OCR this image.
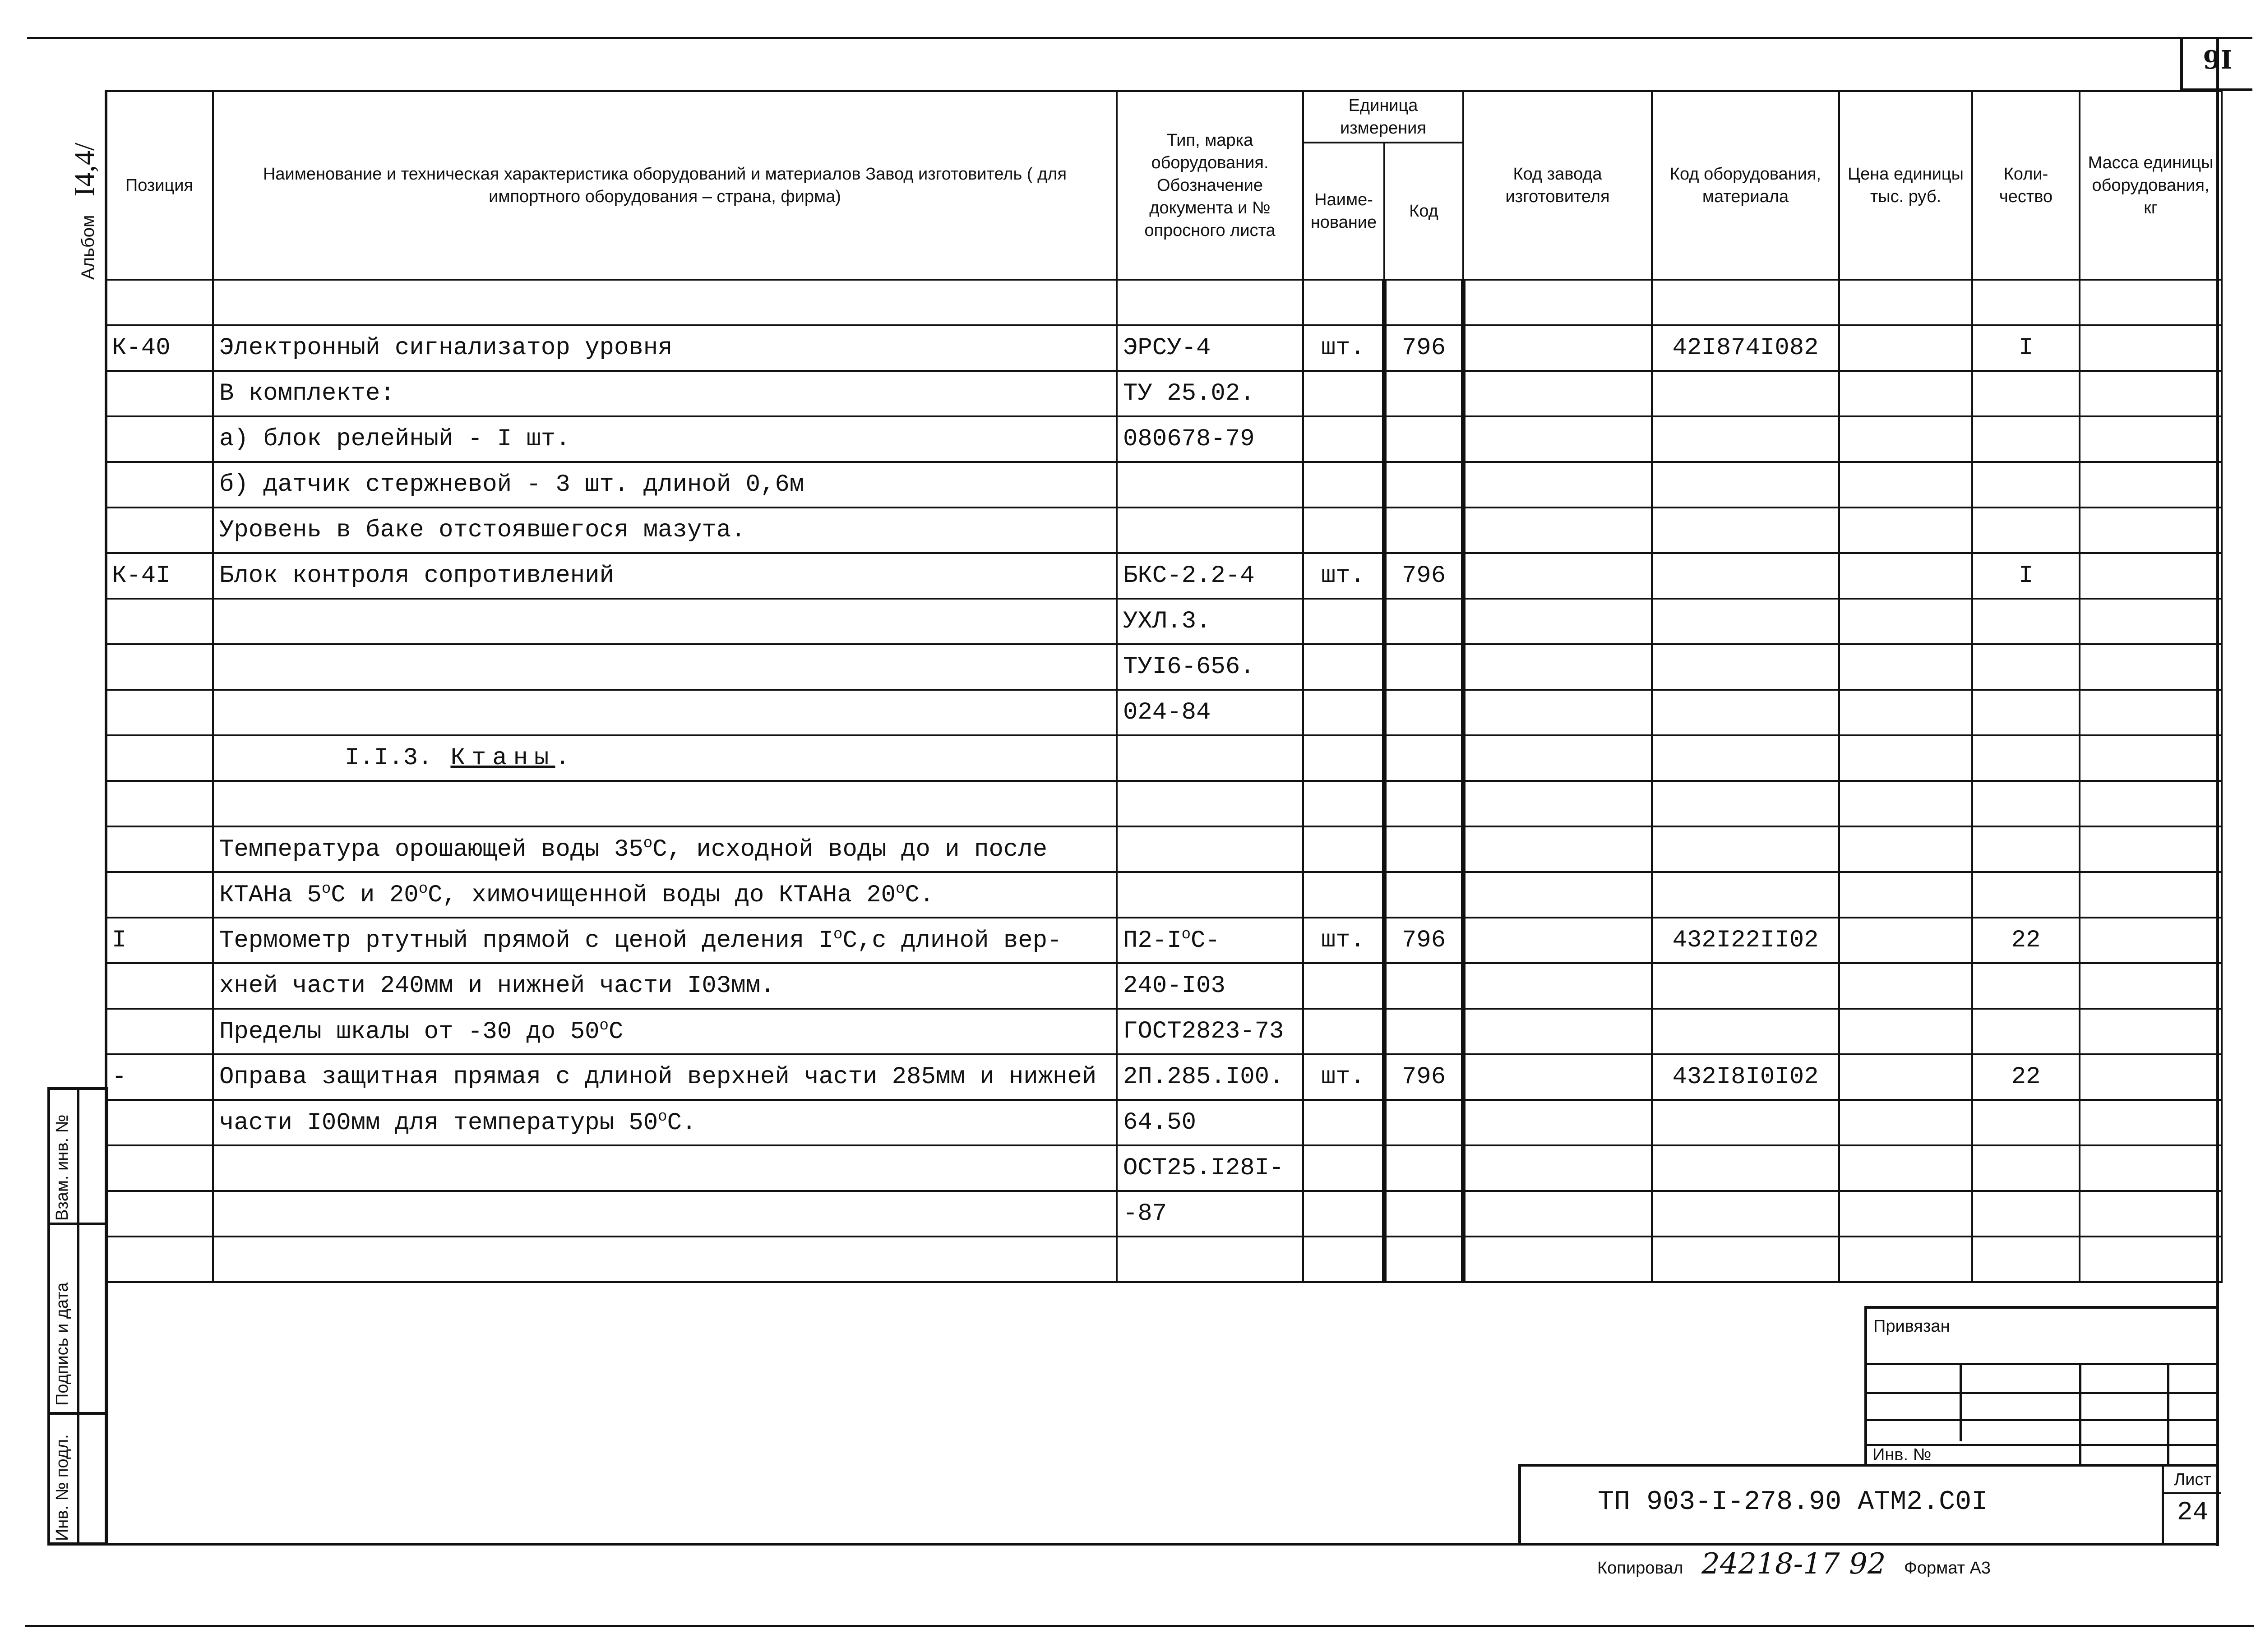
9I
Альбом I4,4/
Взам. инв. №
Подпись и дата
Инв. № подл.
Позиция	Наименование и техническая характеристика оборудований и материалов Завод изготовитель ( для импортного оборудования – страна, фирма)	Тип, марка оборудования. Обозначение документа и № опросного листа	Единица измерения		Код завода изготовителя	Код оборудования, материала	Цена единицы тыс. руб.	Коли- чество	Масса единицы оборудования, кг
			Наиме- нование	Код					

К-40	Электронный сигнализатор уровня	ЭРСУ-4	шт.	796		42I874I082		I	
	В комплекте:	ТУ 25.02.							
	а) блок релейный - I шт.	080678-79							
	б) датчик стержневой - 3 шт. длиной 0,6м								
	Уровень в баке отстоявшегося мазута.								
К-4I	Блок контроля сопротивлений	БКС-2.2-4	шт.	796				I	
		УХЛ.3.							
		ТУI6-656.							
		024-84							
	I.I.3. Ктаны.								

	Температура орошающей воды 35$^o$С, исходной воды до и после								
	КТАНа 5$^o$С и 20$^o$С, химочищенной воды до КТАНа 20$^o$С.								
I	Термометр ртутный прямой с ценой деления $I^oС,с$ длиной вер-	$П2-I^oС-$	шт.	796		432I22II02		22	
	хней части 240мм и нижней части I03мм.	240-I03							
	Пределы шкалы от -30 до 50$^o$С	ГОСТ2823-73							
-	Оправа защитная прямая с длиной верхней части 285мм и нижней	2П.285.I00.	шт.	796		432I8I0I02		22	
	части I00мм для температуры 50$^o$С.	64.50							
		ОСТ25.I28I-							
		-87							

Привязан
Инв. №
ТП 903-I-278.90 АТМ2.С0I
Лист
24
Копировал 24218-17 92 Формат А3
